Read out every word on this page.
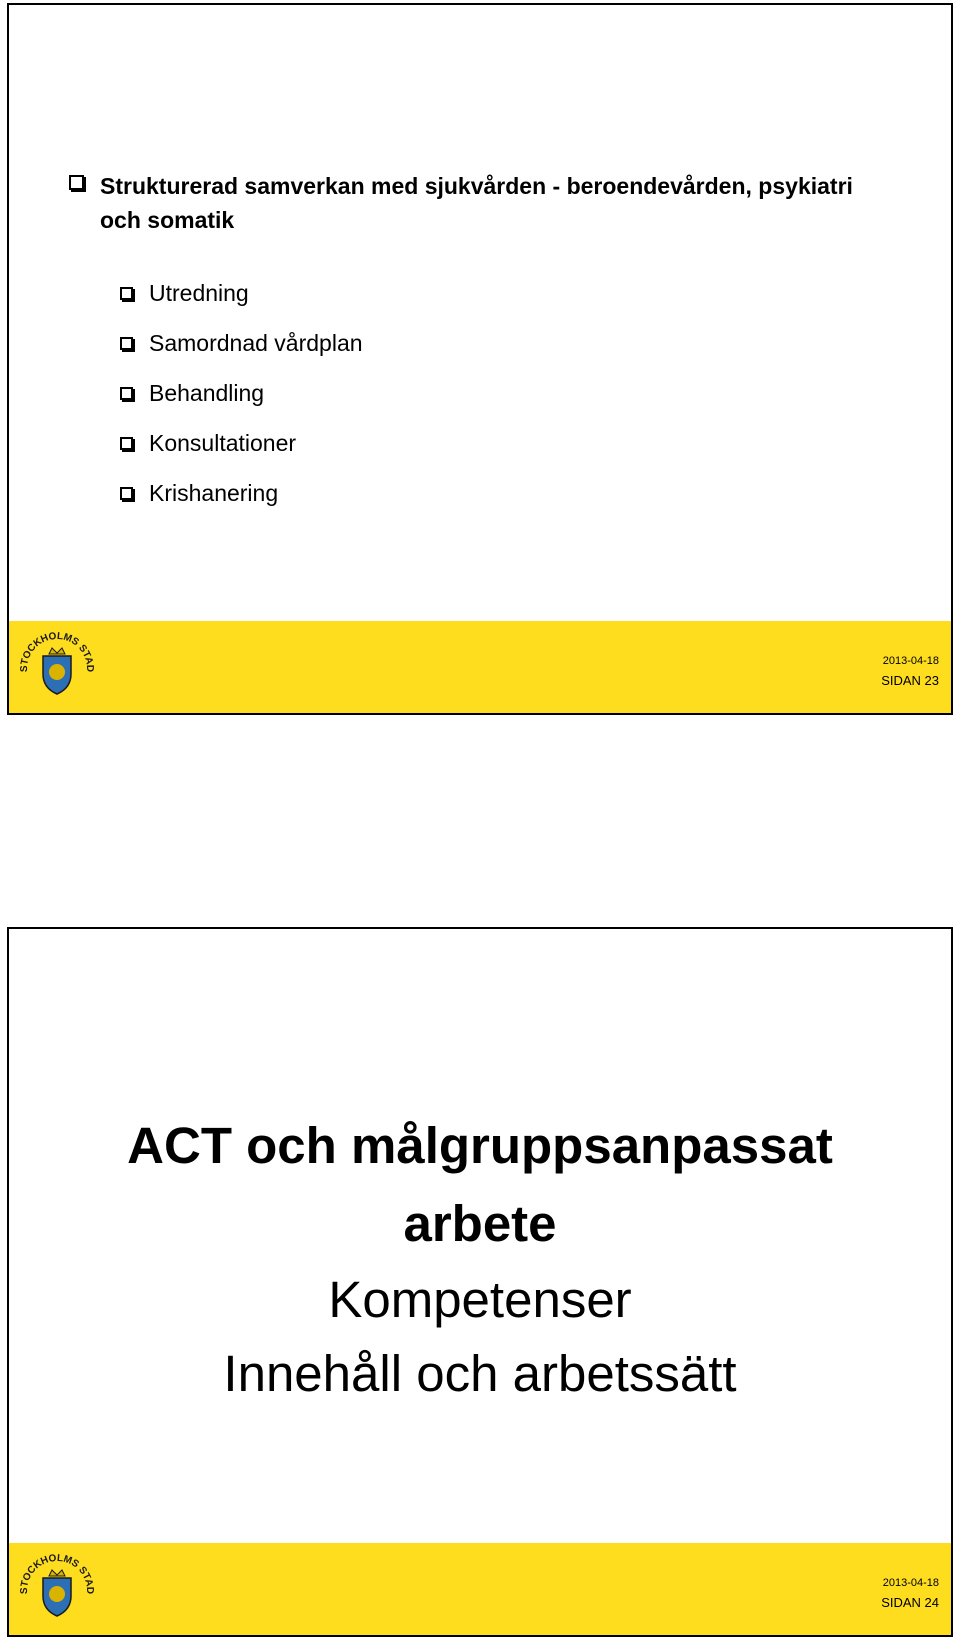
Strukturerad samverkan med sjukvården - beroendevården, psykiatri och somatik
Utredning
Samordnad vårdplan
Behandling
Konsultationer
Krishanering
STOCKHOLMS STAD
2013-04-18
SIDAN 23

ACT och målgruppsanpassat

arbete

Kompetenser

Innehåll och arbetssätt

STOCKHOLMS STAD
2013-04-18
SIDAN 24
